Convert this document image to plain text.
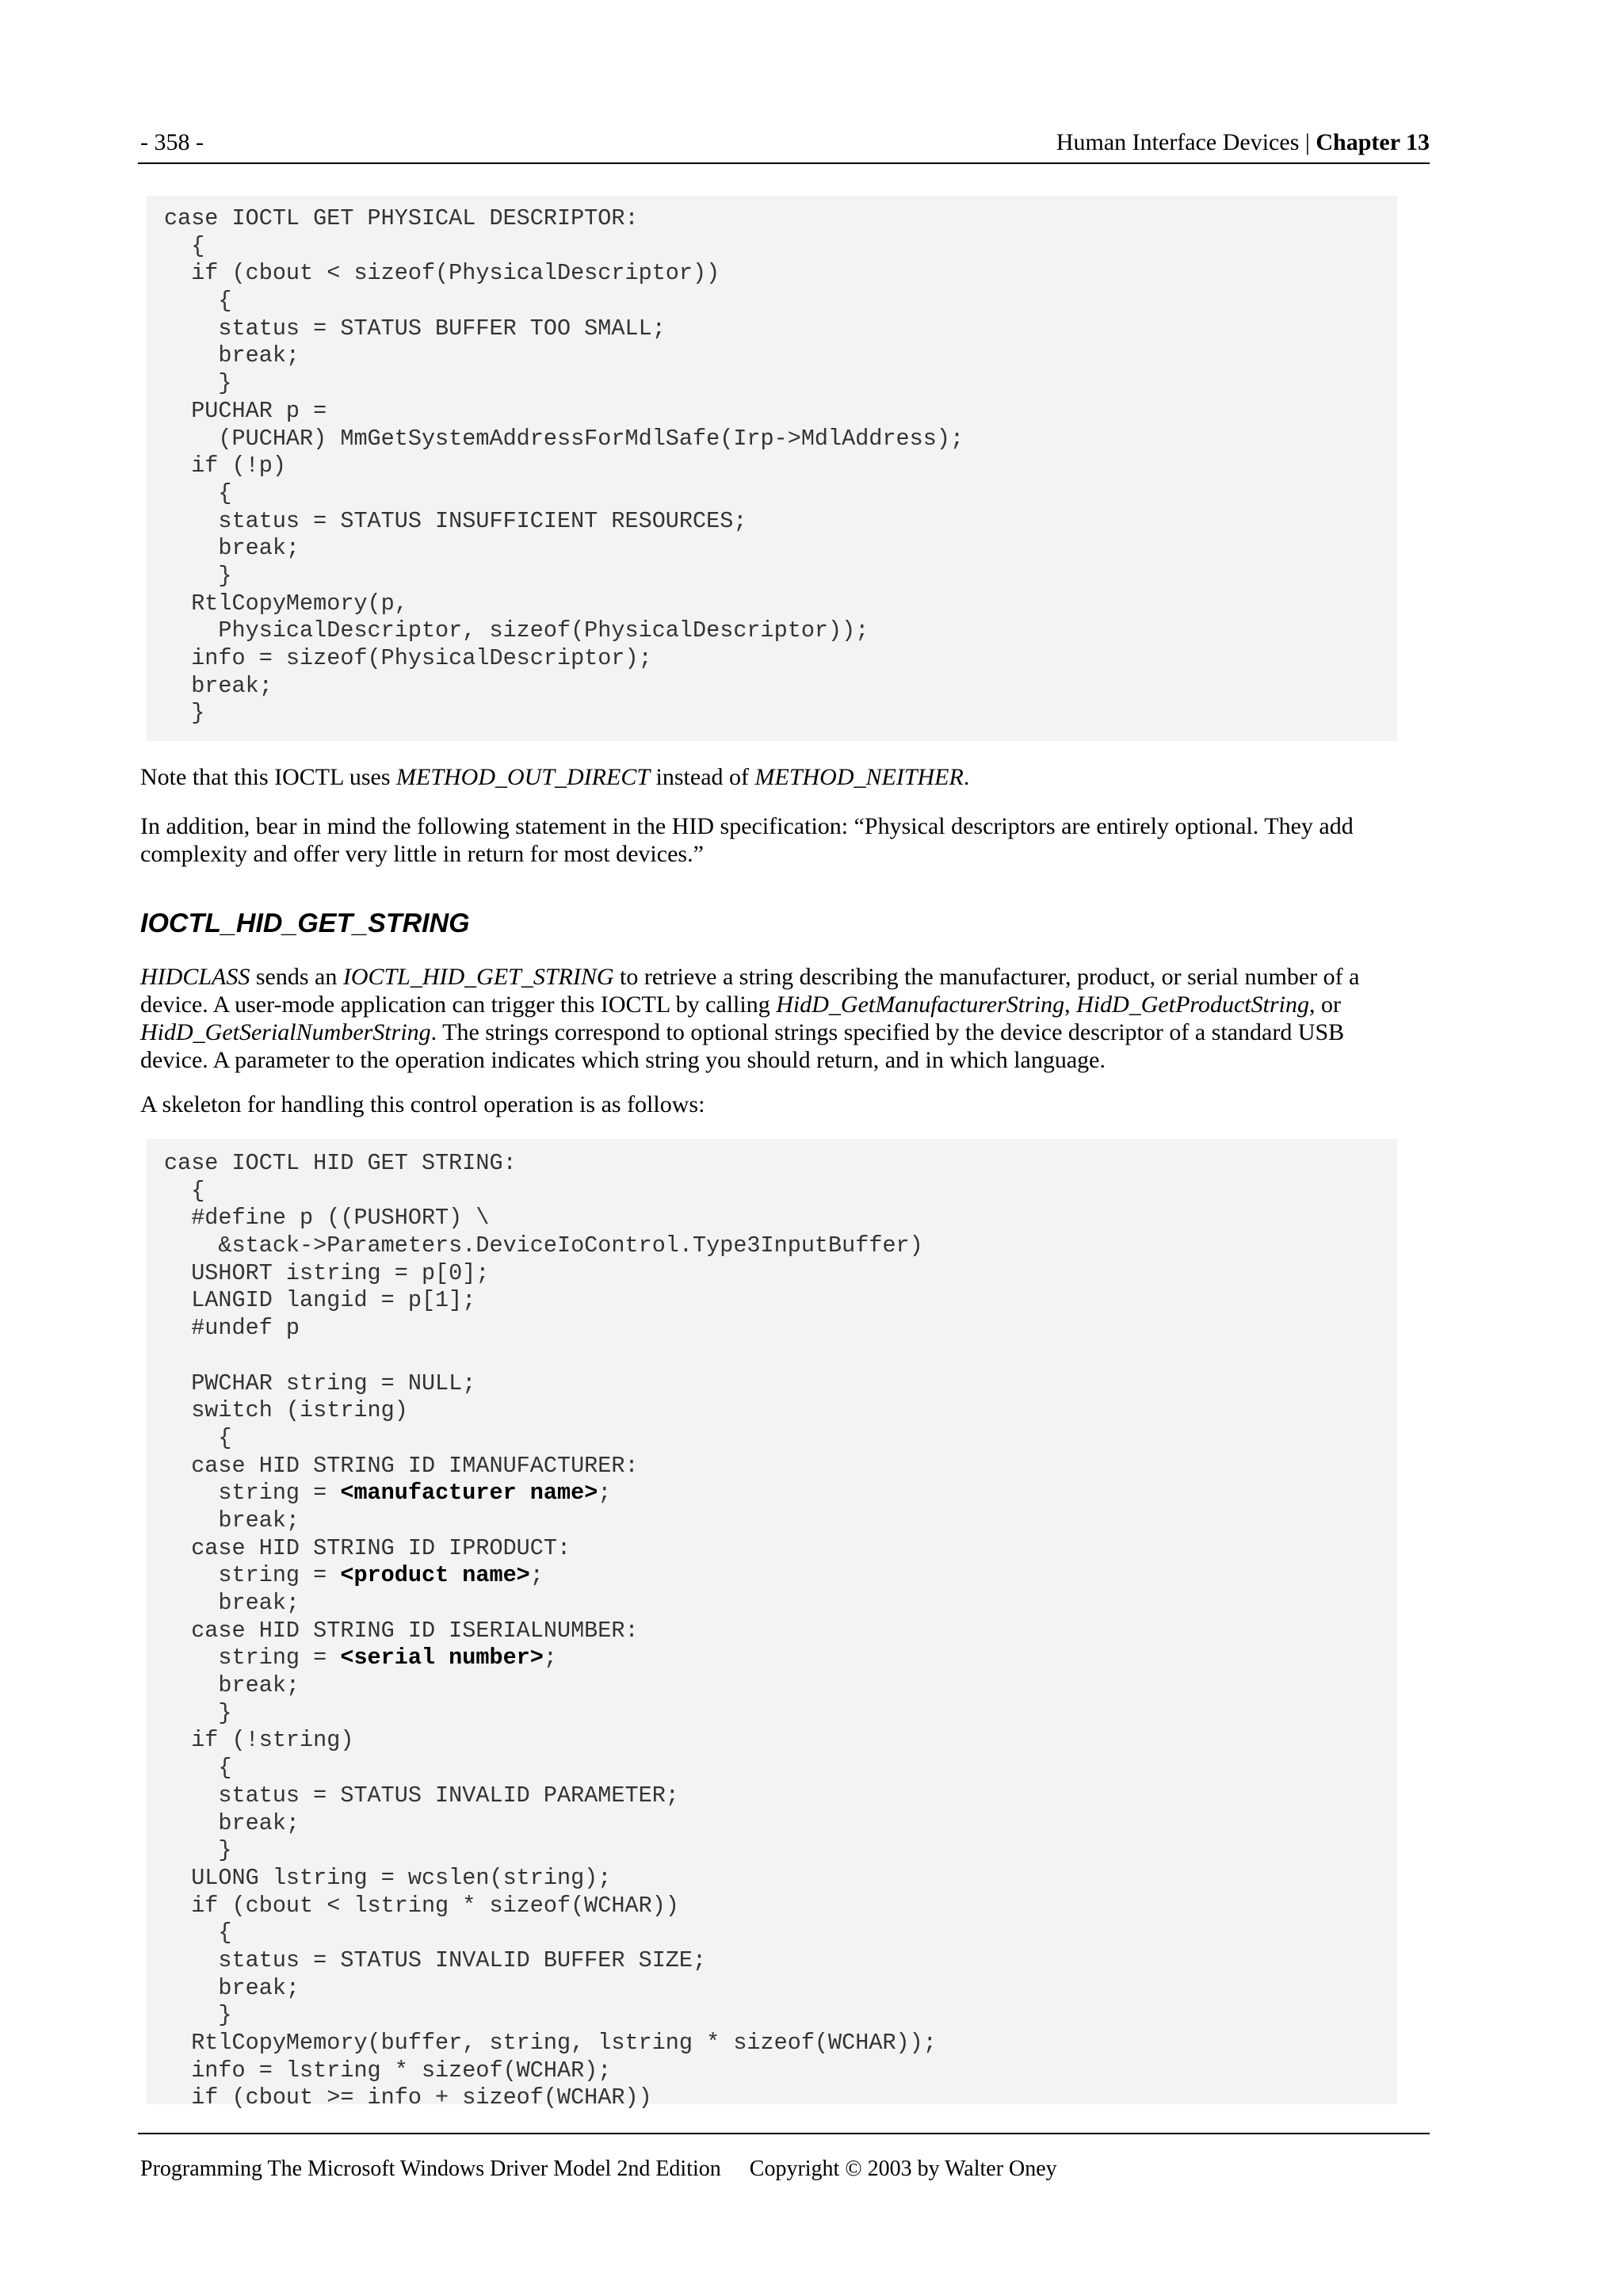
- 358 -	Human Interface Devices | Chapter 13
case IOCTL GET PHYSICAL DESCRIPTOR:
{
if (cbout < sizeof(PhysicalDescriptor))
{
status = STATUS BUFFER TOO SMALL;
break;
}
PUCHAR p =
(PUCHAR) MmGetSystemAddressForMdlSafe(Irp->MdlAddress);
if (!p)
{
status = STATUS INSUFFICIENT RESOURCES;
break;
}
RtlCopyMemory(p,
PhysicalDescriptor, sizeof(PhysicalDescriptor));
info = sizeof(PhysicalDescriptor);
break;
}
Note that this IOCTL uses METHOD_OUT_DIRECT instead of METHOD_NEITHER.
In addition, bear in mind the following statement in the HID specification: “Physical descriptors are entirely optional. They add complexity and offer very little in return for most devices.”
IOCTL_HID_GET_STRING
HIDCLASS sends an IOCTL_HID_GET_STRING to retrieve a string describing the manufacturer, product, or serial number of a device. A user-mode application can trigger this IOCTL by calling HidD_GetManufacturerString, HidD_GetProductString, or HidD_GetSerialNumberString. The strings correspond to optional strings specified by the device descriptor of a standard USB device. A parameter to the operation indicates which string you should return, and in which language.
A skeleton for handling this control operation is as follows:
case IOCTL HID GET STRING:
{
#define p ((PUSHORT) \
&stack->Parameters.DeviceIoControl.Type3InputBuffer)
USHORT istring = p[0];
LANGID langid = p[1];
#undef p

PWCHAR string = NULL;
switch (istring)
{
case HID STRING ID IMANUFACTURER:
string = <manufacturer name>;
break;
case HID STRING ID IPRODUCT:
string = <product name>;
break;
case HID STRING ID ISERIALNUMBER:
string = <serial number>;
break;
}
if (!string)
{
status = STATUS INVALID PARAMETER;
break;
}
ULONG lstring = wcslen(string);
if (cbout < lstring * sizeof(WCHAR))
{
status = STATUS INVALID BUFFER SIZE;
break;
}
RtlCopyMemory(buffer, string, lstring * sizeof(WCHAR));
info = lstring * sizeof(WCHAR);
if (cbout >= info + sizeof(WCHAR))
Programming The Microsoft Windows Driver Model 2nd Edition Copyright © 2003 by Walter Oney
